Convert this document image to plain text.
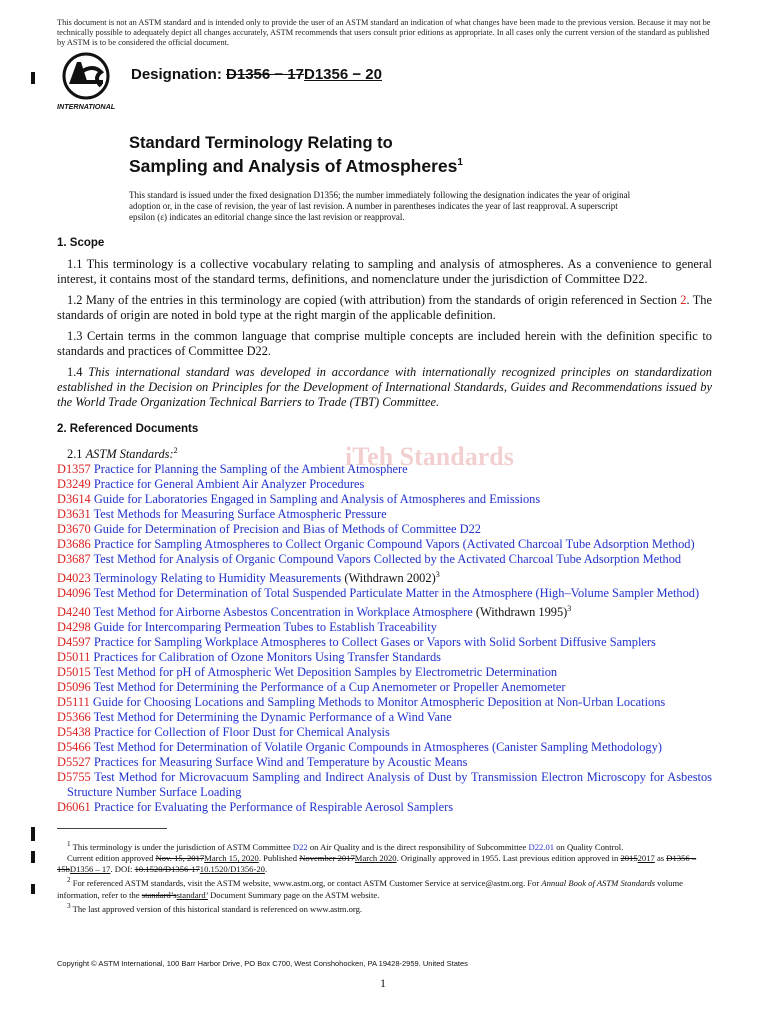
This document is not an ASTM standard and is intended only to provide the user of an ASTM standard an indication of what changes have been made to the previous version. Because it may not be technically possible to adequately depict all changes accurately, ASTM recommends that users consult prior editions as appropriate. In all cases only the current version of the standard as published by ASTM is to be considered the official document.
INTERNATIONAL
Designation: D1356 − 17D1356 − 20
Standard Terminology Relating to
Sampling and Analysis of Atmospheres$^1$
This standard is issued under the fixed designation D1356; the number immediately following the designation indicates the year of original adoption or, in the case of revision, the year of last revision. A number in parentheses indicates the year of last reapproval. A superscript epsilon (ε) indicates an editorial change since the last revision or reapproval.
1. Scope

1.1 This terminology is a collective vocabulary relating to sampling and analysis of atmospheres. As a convenience to general interest, it contains most of the standard terms, definitions, and nomenclature under the jurisdiction of Committee D22.

1.2 Many of the entries in this terminology are copied (with attribution) from the standards of origin referenced in Section 2. The standards of origin are noted in bold type at the right margin of the applicable definition.

1.3 Certain terms in the common language that comprise multiple concepts are included herein with the definition specific to standards and practices of Committee D22.

1.4 This international standard was developed in accordance with internationally recognized principles on standardization established in the Decision on Principles for the Development of International Standards, Guides and Recommendations issued by the World Trade Organization Technical Barriers to Trade (TBT) Committee.

2. Referenced Documents
2.1 ASTM Standards:$^2$
D1357 Practice for Planning the Sampling of the Ambient Atmosphere
D3249 Practice for General Ambient Air Analyzer Procedures
D3614 Guide for Laboratories Engaged in Sampling and Analysis of Atmospheres and Emissions
D3631 Test Methods for Measuring Surface Atmospheric Pressure
D3670 Guide for Determination of Precision and Bias of Methods of Committee D22
D3686 Practice for Sampling Atmospheres to Collect Organic Compound Vapors (Activated Charcoal Tube Adsorption Method)
D3687 Test Method for Analysis of Organic Compound Vapors Collected by the Activated Charcoal Tube Adsorption Method
D4023 Terminology Relating to Humidity Measurements (Withdrawn 2002)$^3$
D4096 Test Method for Determination of Total Suspended Particulate Matter in the Atmosphere (High–Volume Sampler Method)
D4240 Test Method for Airborne Asbestos Concentration in Workplace Atmosphere (Withdrawn 1995)$^3$
D4298 Guide for Intercomparing Permeation Tubes to Establish Traceability
D4597 Practice for Sampling Workplace Atmospheres to Collect Gases or Vapors with Solid Sorbent Diffusive Samplers
D5011 Practices for Calibration of Ozone Monitors Using Transfer Standards
D5015 Test Method for pH of Atmospheric Wet Deposition Samples by Electrometric Determination
D5096 Test Method for Determining the Performance of a Cup Anemometer or Propeller Anemometer
D5111 Guide for Choosing Locations and Sampling Methods to Monitor Atmospheric Deposition at Non-Urban Locations
D5366 Test Method for Determining the Dynamic Performance of a Wind Vane
D5438 Practice for Collection of Floor Dust for Chemical Analysis
D5466 Test Method for Determination of Volatile Organic Compounds in Atmospheres (Canister Sampling Methodology)
D5527 Practices for Measuring Surface Wind and Temperature by Acoustic Means
D5755 Test Method for Microvacuum Sampling and Indirect Analysis of Dust by Transmission Electron Microscopy for Asbestos Structure Number Surface Loading
D6061 Practice for Evaluating the Performance of Respirable Aerosol Samplers
iTeh Standards

$^1$ This terminology is under the jurisdiction of ASTM Committee D22 on Air Quality and is the direct responsibility of Subcommittee D22.01 on Quality Control.

Current edition approved Nov. 15, 2017March 15, 2020. Published November 2017March 2020. Originally approved in 1955. Last previous edition approved in 20152017 as D1356 – 15bD1356 – 17. DOI: 10.1520/D1356-1710.1520/D1356-20.

$^2$ For referenced ASTM standards, visit the ASTM website, www.astm.org, or contact ASTM Customer Service at service@astm.org. For Annual Book of ASTM Standards volume information, refer to the standard’sstandard’ Document Summary page on the ASTM website.

$^3$ The last approved version of this historical standard is referenced on www.astm.org.

Copyright © ASTM International, 100 Barr Harbor Drive, PO Box C700, West Conshohocken, PA 19428-2959. United States
1
